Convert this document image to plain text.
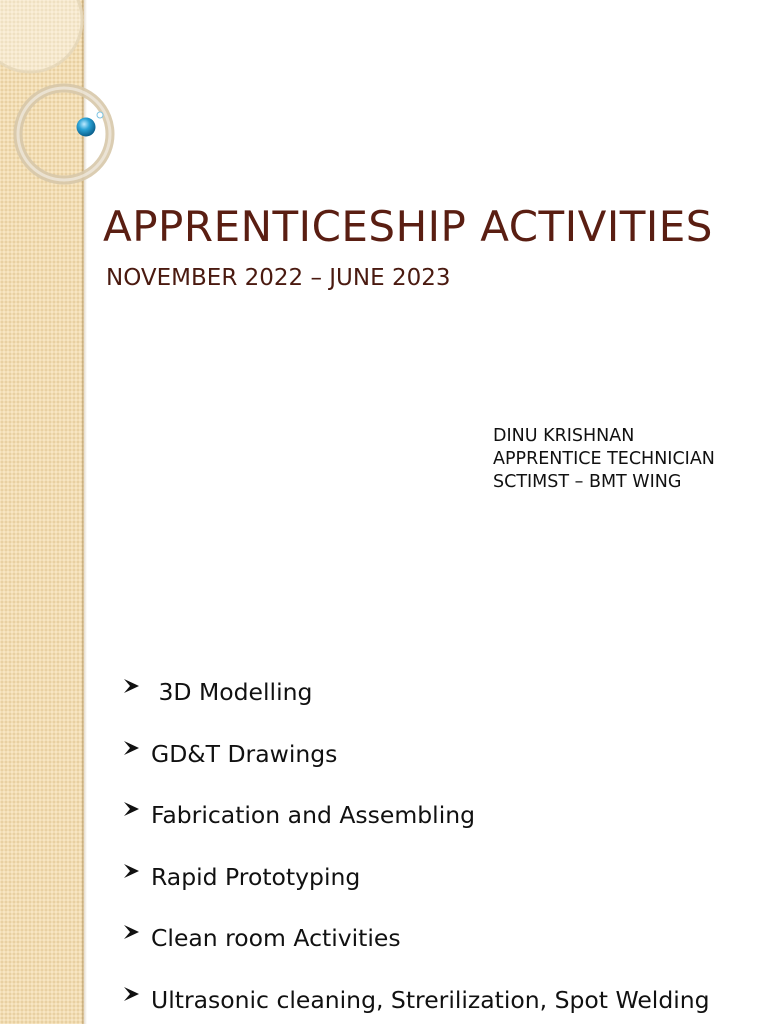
APPRENTICESHIP ACTIVITIES
NOVEMBER 2022 – JUNE 2023
DINU KRISHNAN
APPRENTICE TECHNICIAN
SCTIMST – BMT WING
3D Modelling
GD&T Drawings
Fabrication and Assembling
Rapid Prototyping
Clean room Activities
Ultrasonic cleaning, Strerilization, Spot Welding
